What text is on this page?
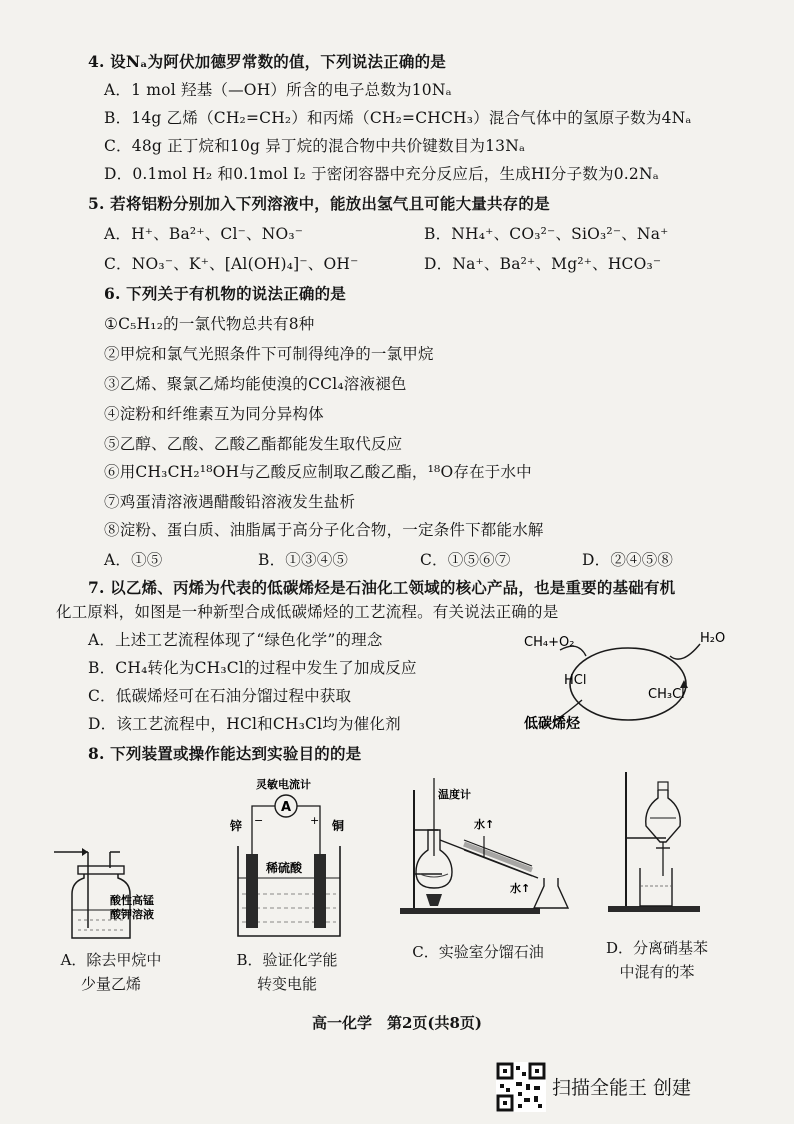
4. 设Nₐ为阿伏加德罗常数的值，下列说法正确的是
A．1 mol 羟基（—OH）所含的电子总数为10Nₐ
B．14g 乙烯（CH₂=CH₂）和丙烯（CH₂=CHCH₃）混合气体中的氢原子数为4Nₐ
C．48g 正丁烷和10g 异丁烷的混合物中共价键数目为13Nₐ
D．0.1mol H₂ 和0.1mol I₂ 于密闭容器中充分反应后，生成HI分子数为0.2Nₐ
5. 若将铝粉分别加入下列溶液中，能放出氢气且可能大量共存的是
A．H⁺、Ba²⁺、Cl⁻、NO₃⁻	B．NH₄⁺、CO₃²⁻、SiO₃²⁻、Na⁺
C．NO₃⁻、K⁺、[Al(OH)₄]⁻、OH⁻	D．Na⁺、Ba²⁺、Mg²⁺、HCO₃⁻
6. 下列关于有机物的说法正确的是
①C₅H₁₂的一氯代物总共有8种
②甲烷和氯气光照条件下可制得纯净的一氯甲烷
③乙烯、聚氯乙烯均能使溴的CCl₄溶液褪色
④淀粉和纤维素互为同分异构体
⑤乙醇、乙酸、乙酸乙酯都能发生取代反应
⑥用CH₃CH₂¹⁸OH与乙酸反应制取乙酸乙酯，¹⁸O存在于水中
⑦鸡蛋清溶液遇醋酸铅溶液发生盐析
⑧淀粉、蛋白质、油脂属于高分子化合物，一定条件下都能水解
A．①⑤	B．①③④⑤	C．①⑤⑥⑦	D．②④⑤⑧
7. 以乙烯、丙烯为代表的低碳烯烃是石油化工领域的核心产品，也是重要的基础有机
化工原料，如图是一种新型合成低碳烯烃的工艺流程。有关说法正确的是
A．上述工艺流程体现了“绿色化学”的理念
B．CH₄转化为CH₃Cl的过程中发生了加成反应
C．低碳烯烃可在石油分馏过程中获取
D．该工艺流程中，HCl和CH₃Cl均为催化剂
CH₄+O₂	H₂O
HCl
CH₃Cl
低碳烯烃
8. 下列装置或操作能达到实验目的的是
酸性高锰
酸钾溶液
灵敏电流计
A
−	+
锌	铜
稀硫酸
温度计
水↑
水↑
A．除去甲烷中
少量乙烯
B．验证化学能
转变电能
C．实验室分馏石油	D．分离硝基苯
中混有的苯
高一化学　第2页(共8页)
扫描全能王 创建
